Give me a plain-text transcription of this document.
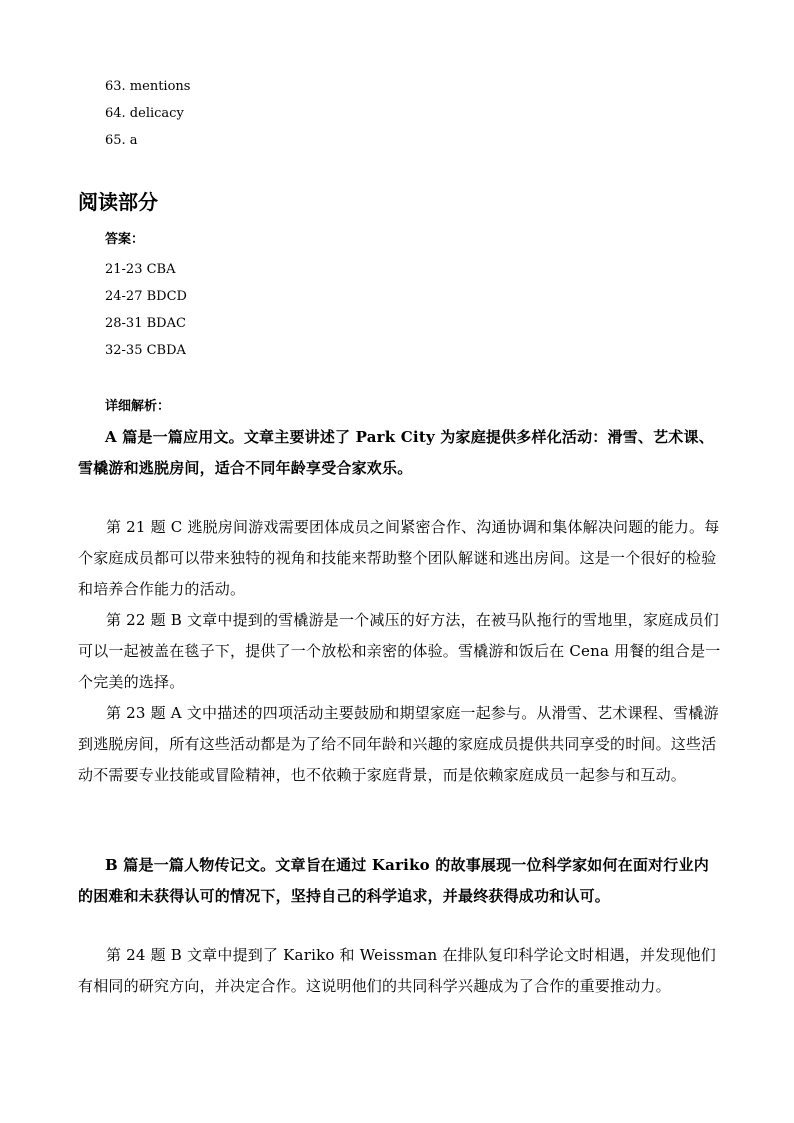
63. mentions
64. delicacy
65. a
阅读部分
答案：
21-23 CBA
24-27 BDCD
28-31 BDAC
32-35 CBDA
详细解析：
A 篇是一篇应用文。文章主要讲述了 Park City 为家庭提供多样化活动：滑雪、艺术课、雪橇游和逃脱房间，适合不同年龄享受合家欢乐。
第 21 题 C 逃脱房间游戏需要团体成员之间紧密合作、沟通协调和集体解决问题的能力。每个家庭成员都可以带来独特的视角和技能来帮助整个团队解谜和逃出房间。这是一个很好的检验和培养合作能力的活动。
第 22 题 B 文章中提到的雪橇游是一个减压的好方法，在被马队拖行的雪地里，家庭成员们可以一起被盖在毯子下，提供了一个放松和亲密的体验。雪橇游和饭后在 Cena 用餐的组合是一个完美的选择。
第 23 题 A 文中描述的四项活动主要鼓励和期望家庭一起参与。从滑雪、艺术课程、雪橇游到逃脱房间，所有这些活动都是为了给不同年龄和兴趣的家庭成员提供共同享受的时间。这些活动不需要专业技能或冒险精神，也不依赖于家庭背景，而是依赖家庭成员一起参与和互动。
B 篇是一篇人物传记文。文章旨在通过 Kariko 的故事展现一位科学家如何在面对行业内的困难和未获得认可的情况下，坚持自己的科学追求，并最终获得成功和认可。
第 24 题 B 文章中提到了 Kariko 和 Weissman 在排队复印科学论文时相遇，并发现他们有相同的研究方向，并决定合作。这说明他们的共同科学兴趣成为了合作的重要推动力。
